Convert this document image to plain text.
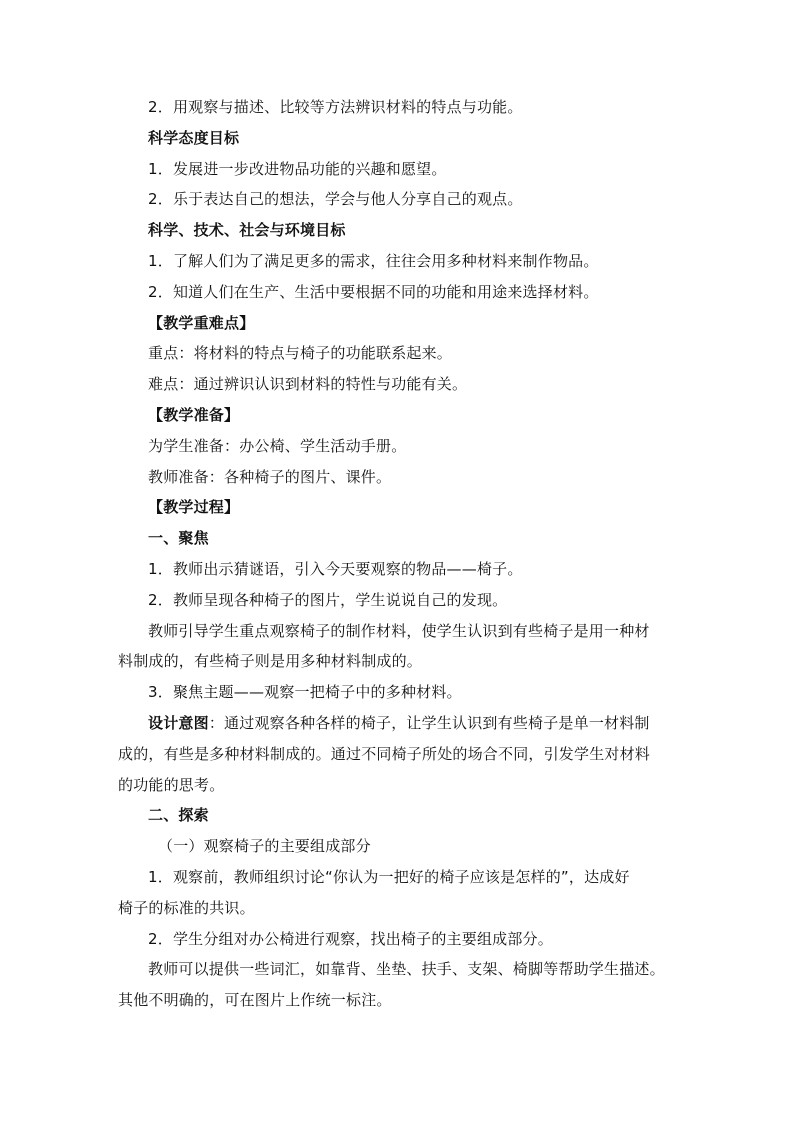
2．用观察与描述、比较等方法辨识材料的特点与功能。
科学态度目标
1．发展进一步改进物品功能的兴趣和愿望。
2．乐于表达自己的想法，学会与他人分享自己的观点。
科学、技术、社会与环境目标
1．了解人们为了满足更多的需求，往往会用多种材料来制作物品。
2．知道人们在生产、生活中要根据不同的功能和用途来选择材料。
【教学重难点】
重点：将材料的特点与椅子的功能联系起来。
难点：通过辨识认识到材料的特性与功能有关。
【教学准备】
为学生准备：办公椅、学生活动手册。
教师准备：各种椅子的图片、课件。
【教学过程】
一、聚焦
1．教师出示猜谜语，引入今天要观察的物品——椅子。
2．教师呈现各种椅子的图片，学生说说自己的发现。
教师引导学生重点观察椅子的制作材料，使学生认识到有些椅子是用一种材
料制成的，有些椅子则是用多种材料制成的。
3．聚焦主题——观察一把椅子中的多种材料。
设计意图：通过观察各种各样的椅子，让学生认识到有些椅子是单一材料制
成的，有些是多种材料制成的。通过不同椅子所处的场合不同，引发学生对材料
的功能的思考。
二、探索
（一）观察椅子的主要组成部分
1．观察前，教师组织讨论“你认为一把好的椅子应该是怎样的”，达成好
椅子的标准的共识。
2．学生分组对办公椅进行观察，找出椅子的主要组成部分。
教师可以提供一些词汇，如靠背、坐垫、扶手、支架、椅脚等帮助学生描述。
其他不明确的，可在图片上作统一标注。
